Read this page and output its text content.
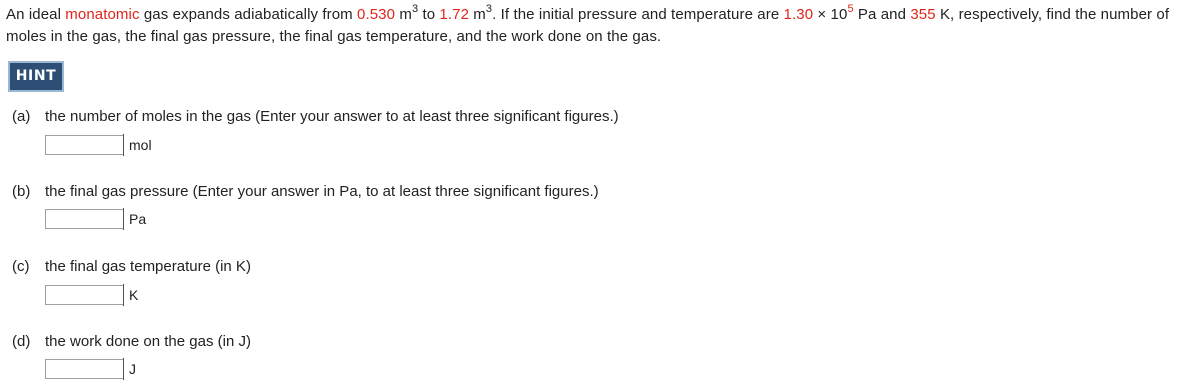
An ideal monatomic gas expands adiabatically from 0.530 $m^3$ to 1.72 $m^3$. If the initial pressure and temperature are $1.30 \times 10^5$ Pa and 355 K, respectively, find the number of moles in the gas, the final gas pressure, the final gas temperature, and the work done on the gas.
HINT
(a) the number of moles in the gas (Enter your answer to at least three significant figures.)
mol
(b) the final gas pressure (Enter your answer in Pa, to at least three significant figures.)
Pa
(c) the final gas temperature (in K)
K
(d) the work done on the gas (in J)
J
